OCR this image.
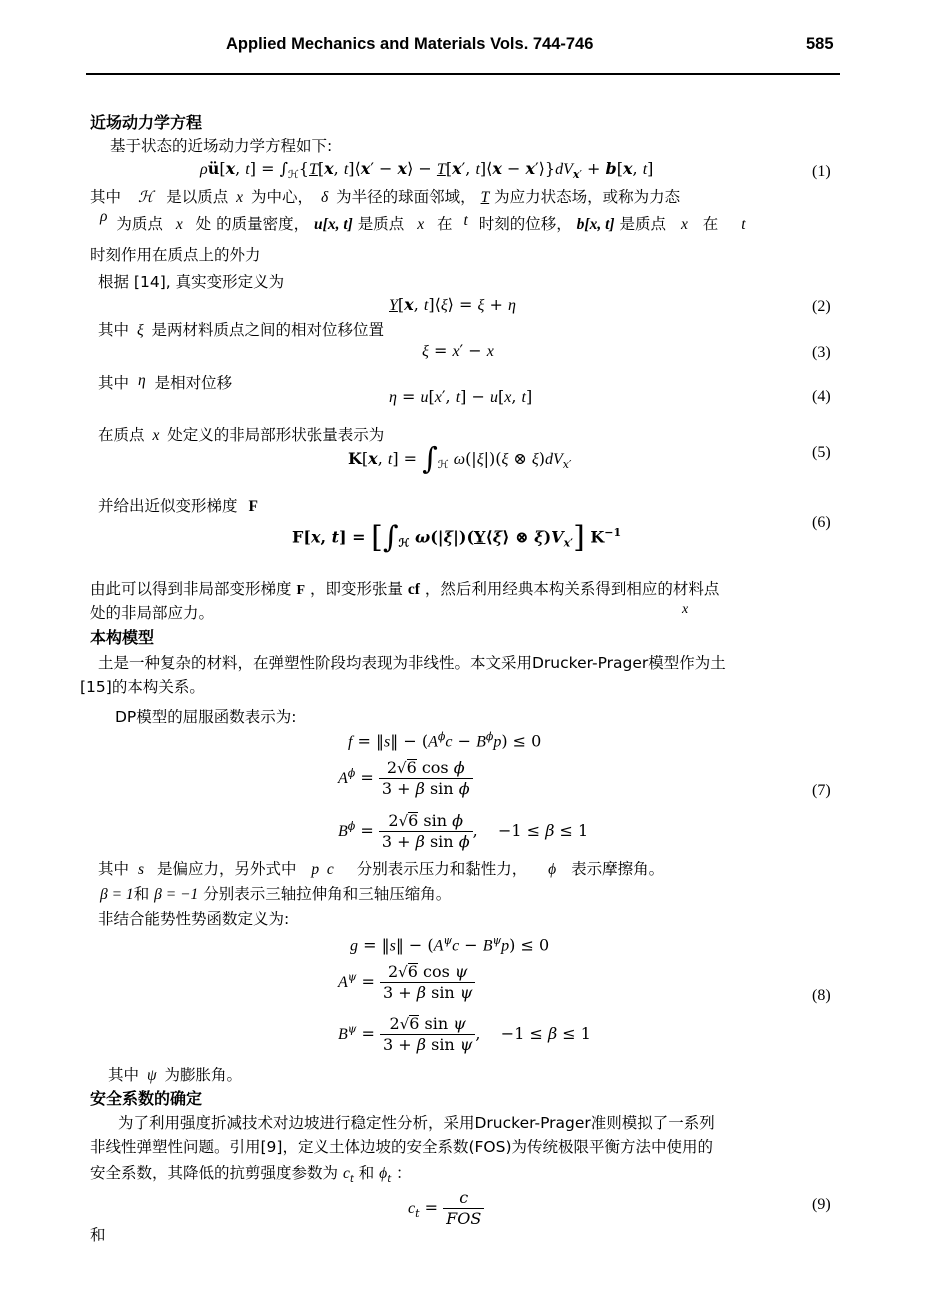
Applied Mechanics and Materials Vols. 744-746	585
近场动力学方程
基于状态的近场动力学方程如下:
ρü[x, $t] = \int_ℋ\{T[x$, t]⟨x′ − x⟩ − T[x′, t]⟨x − $x'⟩\}dV_{x'} + b[x$, t]	(1)
其中 ℋ 是以质点 x 为中心， δ 为半径的球面邻域， T 为应力状态场，或称为力态
ρ 为质点 x 处 的质量密度， u[x, t] 是质点 x 在 t 时刻的位移， b[x, t] 是质点 x 在 t
时刻作用在质点上的外力
根据 [14], 真实变形定义为
Y[x, t]⟨ξ⟩ = ξ + η	(2)
其中 ξ 是两材料质点之间的相对位移位置
ξ = x′ − x	(3)
其中 η 是相对位移
η = u[x′, t] − u[x, t]	(4)
在质点 x 处定义的非局部形状张量表示为
K[x, $t] = \int_ℋ$ ω(|ξ|)(ξ ⊗ $\xi)dV_{x'}$
(5)
并给出近似变形梯度 F
F[x, $t] = [\int_ℋ$ ω(|ξ|)(Y⟨ξ⟩ ⊗ $\xi)V_{x'}$] $K^{-1}$
(6)
由此可以得到非局部变形梯度 F ，即变形张量 cf ，然后利用经典本构关系得到相应的材料点
处的非局部应力。	x
本构模型
土是一种复杂的材料，在弹塑性阶段均表现为非线性。本文采用Drucker-Prager模型作为土
[15]的本构关系。
DP模型的屈服函数表示为:
f = ‖s‖ − $(A^\phi c - B^\phi p) \le 0$
$A^\phi = \frac{\text{2√6 cos ϕ}}{\text{3 + β sin ϕ}}$
$B^\phi = \frac{\text{2√6 sin ϕ}}{\text{3 + β sin ϕ}}$ ,    −1 ≤ β ≤ 1
(7)
其中 s 是偏应力，另外式中 p  c 分别表示压力和黏性力， ϕ 表示摩擦角。
β = 1和 β = −1 分别表示三轴拉伸角和三轴压缩角。
非结合能势性势函数定义为:
g = ‖s‖ − $(A^\psi c - B^\psi p) \le 0$
$A^\psi = \frac{\text{2√6 cos ψ}}{\text{3 + β sin ψ}}$
$B^\psi = \frac{\text{2√6 sin ψ}}{\text{3 + β sin ψ}}$ ,    −1 ≤ β ≤ 1
(8)
其中 ψ 为膨胀角。
安全系数的确定
为了利用强度折减技术对边坡进行稳定性分析，采用Drucker-Prager准则模拟了一系列
非线性弹塑性问题。引用[9]，定义土体边坡的安全系数(FOS)为传统极限平衡方法中使用的
安全系数，其降低的抗剪强度参数为 $c_t$ 和 $\phi_t$ ：
$c_t = \frac{c}{\text{FOS}}$	(9)
和
